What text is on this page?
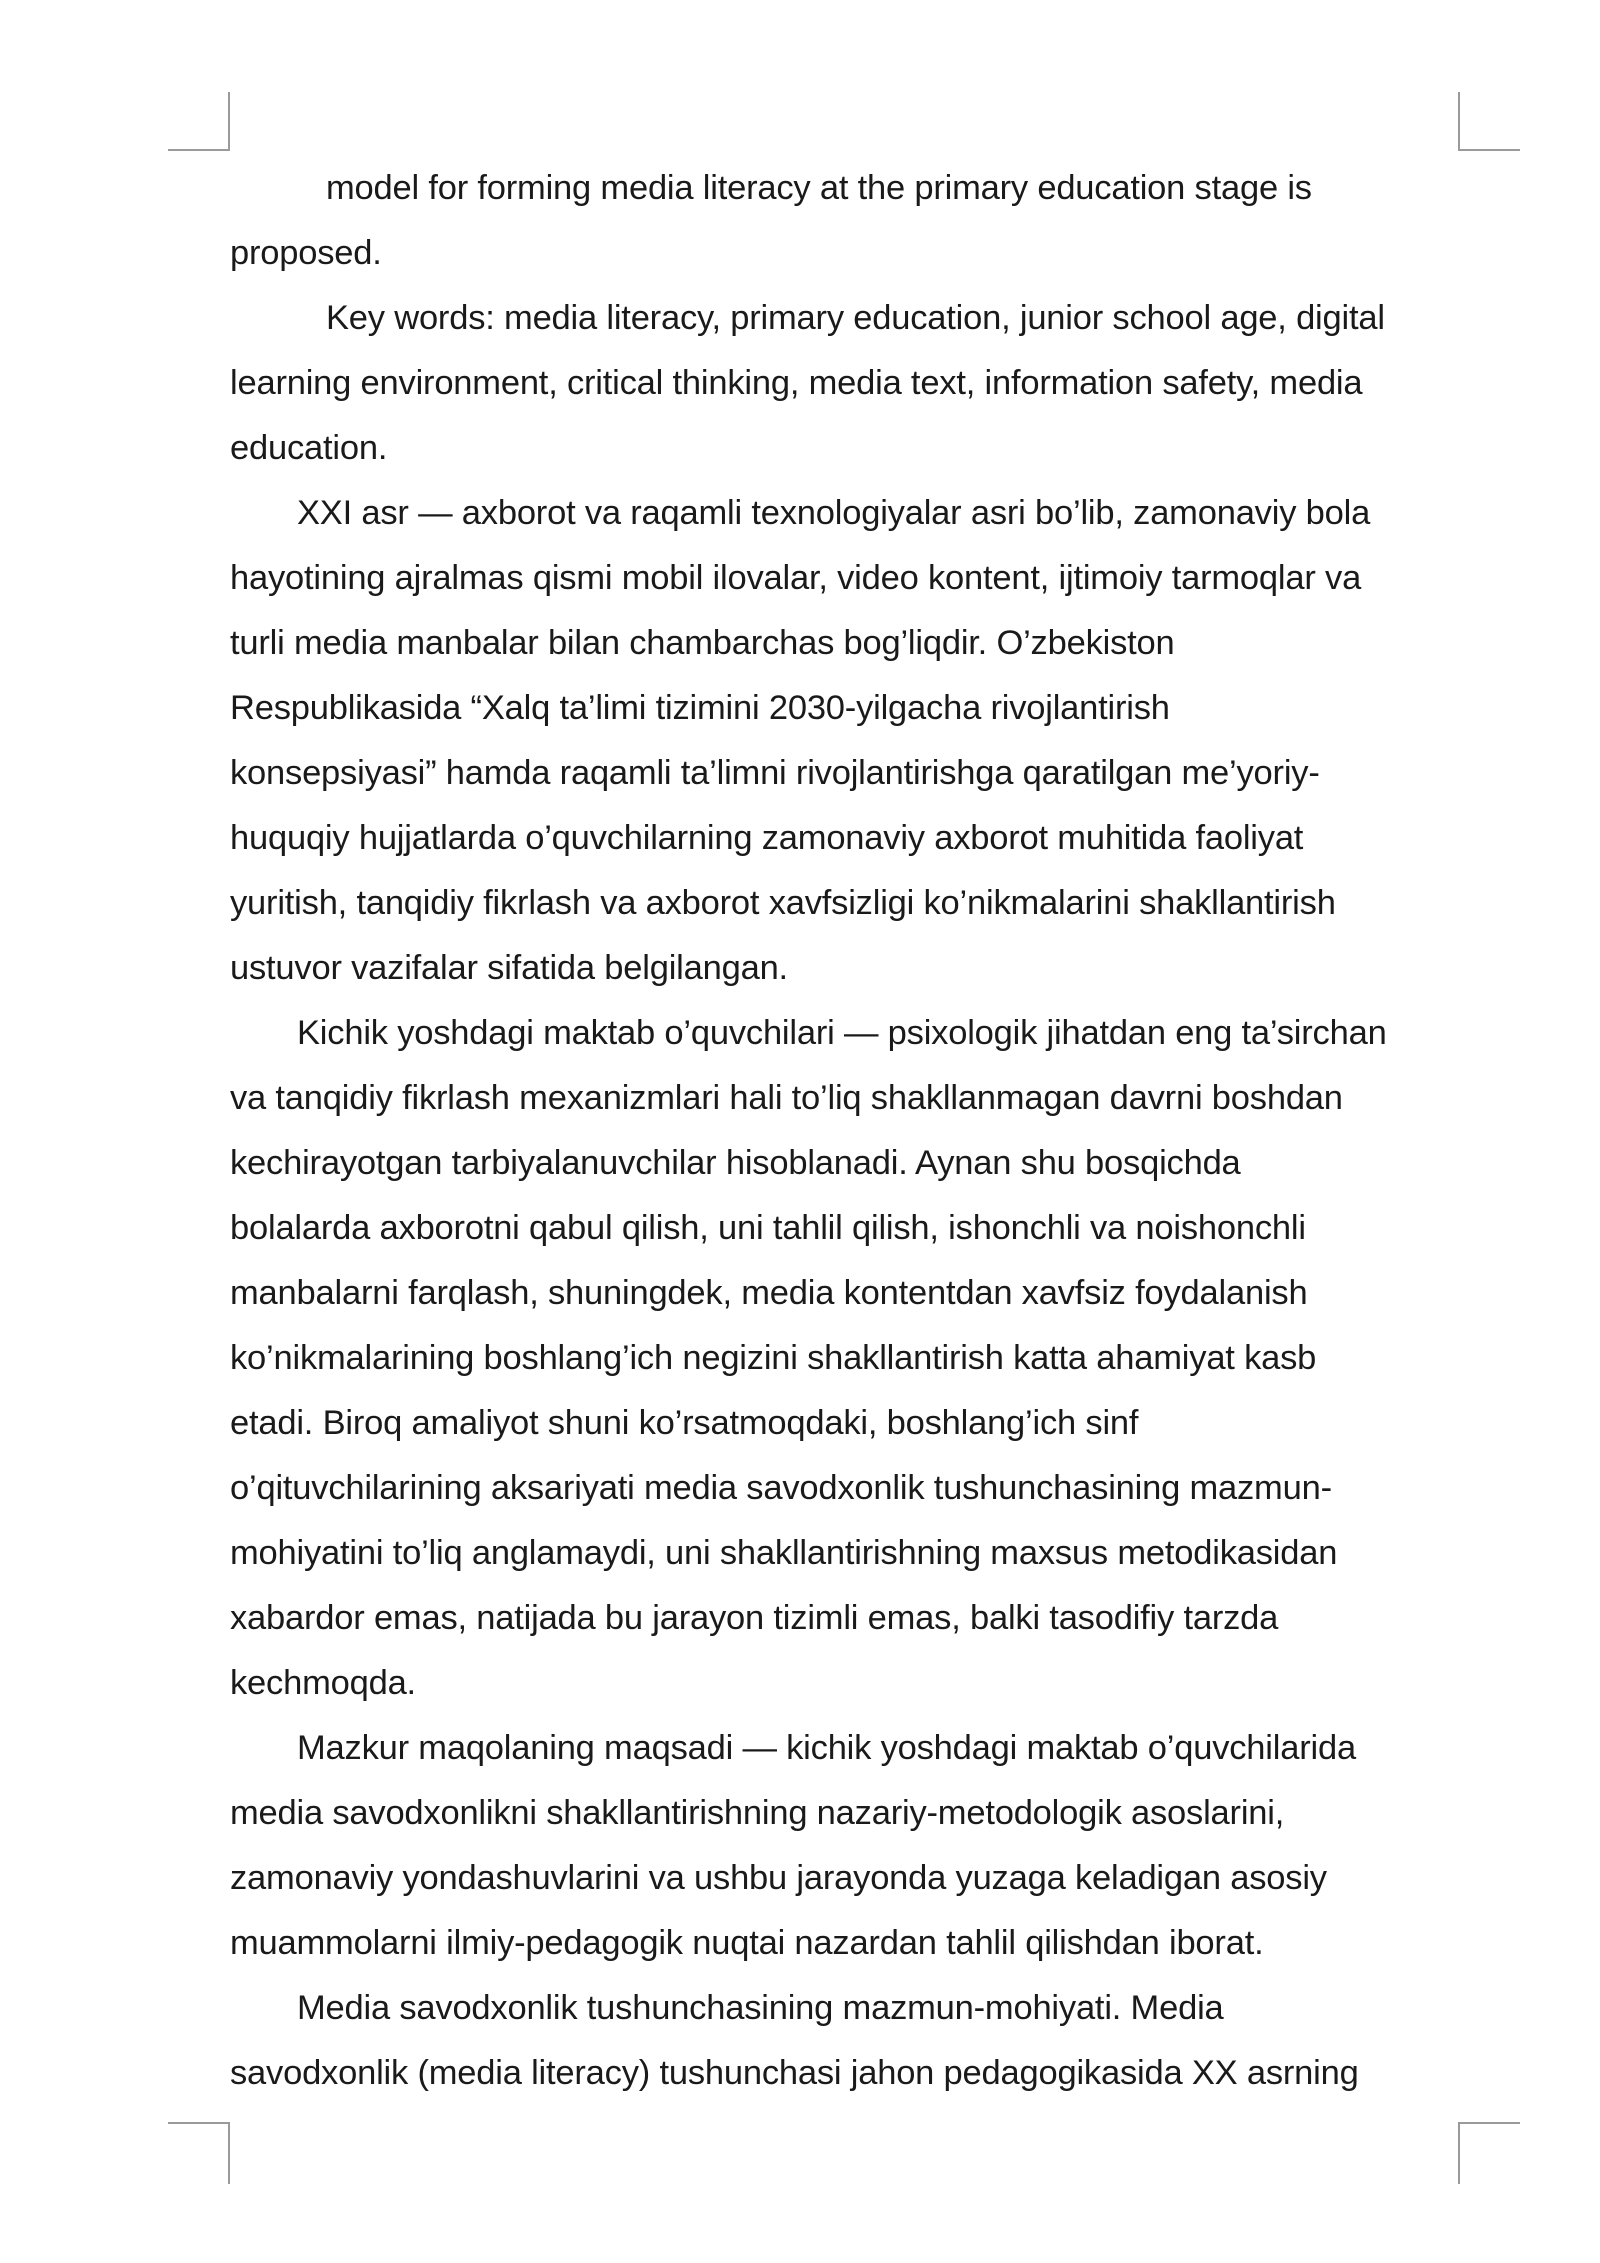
model for forming media literacy at the primary education stage is
proposed.
Key words: media literacy, primary education, junior school age, digital
learning environment, critical thinking, media text, information safety, media
education.
XXI asr — axborot va raqamli texnologiyalar asri bo’lib, zamonaviy bola
hayotining ajralmas qismi mobil ilovalar, video kontent, ijtimoiy tarmoqlar va
turli media manbalar bilan chambarchas bog’liqdir. O’zbekiston
Respublikasida “Xalq ta’limi tizimini 2030-yilgacha rivojlantirish
konsepsiyasi” hamda raqamli ta’limni rivojlantirishga qaratilgan me’yoriy-
huquqiy hujjatlarda o’quvchilarning zamonaviy axborot muhitida faoliyat
yuritish, tanqidiy fikrlash va axborot xavfsizligi ko’nikmalarini shakllantirish
ustuvor vazifalar sifatida belgilangan.
Kichik yoshdagi maktab o’quvchilari — psixologik jihatdan eng ta’sirchan
va tanqidiy fikrlash mexanizmlari hali to’liq shakllanmagan davrni boshdan
kechirayotgan tarbiyalanuvchilar hisoblanadi. Aynan shu bosqichda
bolalarda axborotni qabul qilish, uni tahlil qilish, ishonchli va noishonchli
manbalarni farqlash, shuningdek, media kontentdan xavfsiz foydalanish
ko’nikmalarining boshlang’ich negizini shakllantirish katta ahamiyat kasb
etadi. Biroq amaliyot shuni ko’rsatmoqdaki, boshlang’ich sinf
o’qituvchilarining aksariyati media savodxonlik tushunchasining mazmun-
mohiyatini to’liq anglamaydi, uni shakllantirishning maxsus metodikasidan
xabardor emas, natijada bu jarayon tizimli emas, balki tasodifiy tarzda
kechmoqda.
Mazkur maqolaning maqsadi — kichik yoshdagi maktab o’quvchilarida
media savodxonlikni shakllantirishning nazariy-metodologik asoslarini,
zamonaviy yondashuvlarini va ushbu jarayonda yuzaga keladigan asosiy
muammolarni ilmiy-pedagogik nuqtai nazardan tahlil qilishdan iborat.
Media savodxonlik tushunchasining mazmun-mohiyati. Media
savodxonlik (media literacy) tushunchasi jahon pedagogikasida XX asrning
